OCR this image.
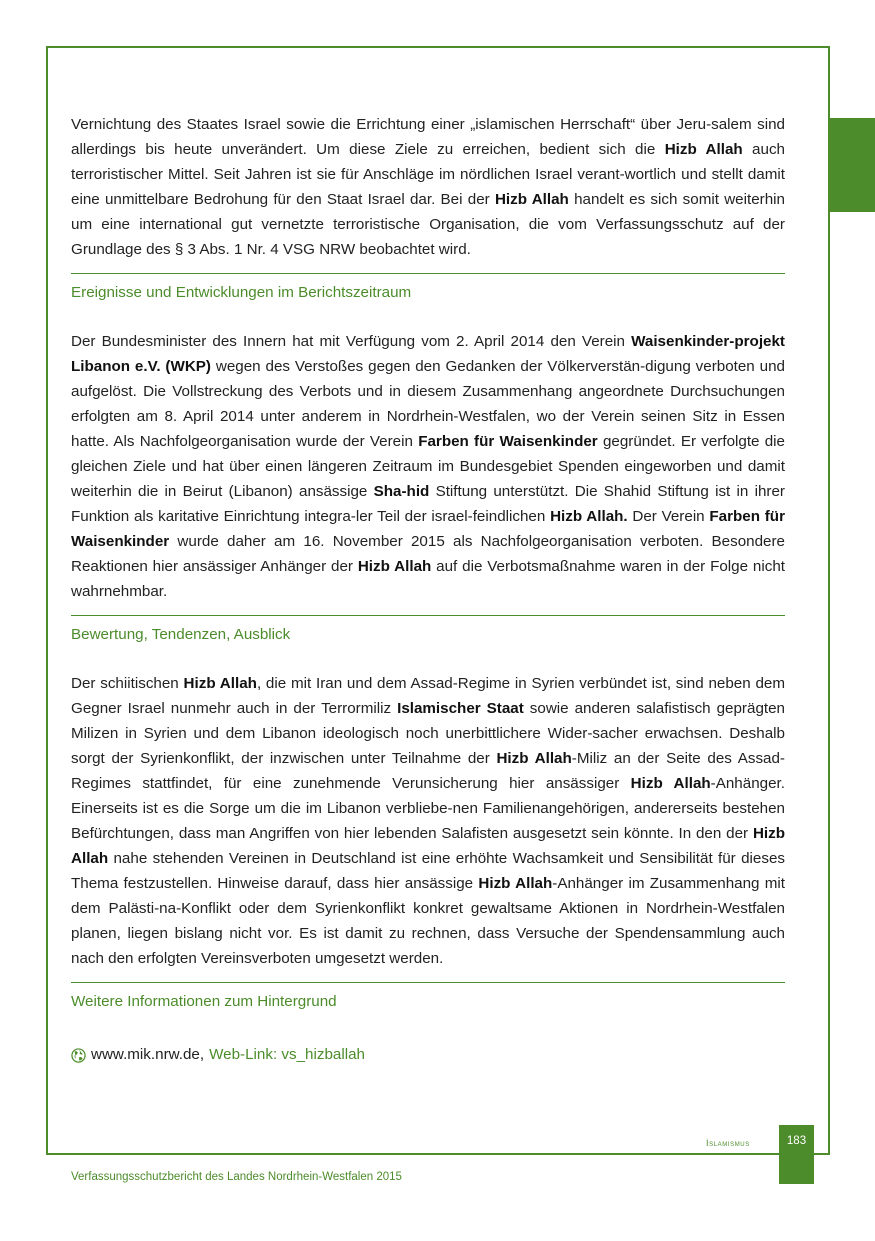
Vernichtung des Staates Israel sowie die Errichtung einer „islamischen Herrschaft“ über Jeru-salem sind allerdings bis heute unverändert. Um diese Ziele zu erreichen, bedient sich die Hizb Allah auch terroristischer Mittel. Seit Jahren ist sie für Anschläge im nördlichen Israel verant-wortlich und stellt damit eine unmittelbare Bedrohung für den Staat Israel dar. Bei der Hizb Allah handelt es sich somit weiterhin um eine international gut vernetzte terroristische Organisation, die vom Verfassungsschutz auf der Grundlage des § 3 Abs. 1 Nr. 4 VSG NRW beobachtet wird.

Ereignisse und Entwicklungen im Berichtszeitraum

Der Bundesminister des Innern hat mit Verfügung vom 2. April 2014 den Verein Waisenkinder-projekt Libanon e.V. (WKP) wegen des Verstoßes gegen den Gedanken der Völkerverstän-digung verboten und aufgelöst. Die Vollstreckung des Verbots und in diesem Zusammenhang angeordnete Durchsuchungen erfolgten am 8. April 2014 unter anderem in Nordrhein-Westfalen, wo der Verein seinen Sitz in Essen hatte. Als Nachfolgeorganisation wurde der Verein Farben für Waisenkinder gegründet. Er verfolgte die gleichen Ziele und hat über einen längeren Zeitraum im Bundesgebiet Spenden eingeworben und damit weiterhin die in Beirut (Libanon) ansässige Sha-hid Stiftung unterstützt. Die Shahid Stiftung ist in ihrer Funktion als karitative Einrichtung integra-ler Teil der israel-feindlichen Hizb Allah. Der Verein Farben für Waisenkinder wurde daher am 16. November 2015 als Nachfolgeorganisation verboten. Besondere Reaktionen hier ansässiger Anhänger der Hizb Allah auf die Verbotsmaßnahme waren in der Folge nicht wahrnehmbar.

Bewertung, Tendenzen, Ausblick

Der schiitischen Hizb Allah, die mit Iran und dem Assad-Regime in Syrien verbündet ist, sind neben dem Gegner Israel nunmehr auch in der Terrormiliz Islamischer Staat sowie anderen salafistisch geprägten Milizen in Syrien und dem Libanon ideologisch noch unerbittlichere Wider-sacher erwachsen. Deshalb sorgt der Syrienkonflikt, der inzwischen unter Teilnahme der Hizb Allah-Miliz an der Seite des Assad-Regimes stattfindet, für eine zunehmende Verunsicherung hier ansässiger Hizb Allah-Anhänger. Einerseits ist es die Sorge um die im Libanon verbliebe-nen Familienangehörigen, andererseits bestehen Befürchtungen, dass man Angriffen von hier lebenden Salafisten ausgesetzt sein könnte. In den der Hizb Allah nahe stehenden Vereinen in Deutschland ist eine erhöhte Wachsamkeit und Sensibilität für dieses Thema festzustellen. Hinweise darauf, dass hier ansässige Hizb Allah-Anhänger im Zusammenhang mit dem Palästi-na-Konflikt oder dem Syrienkonflikt konkret gewaltsame Aktionen in Nordrhein-Westfalen planen, liegen bislang nicht vor. Es ist damit zu rechnen, dass Versuche der Spendensammlung auch nach den erfolgten Vereinsverboten umgesetzt werden.

Weitere Informationen zum Hintergrund
www.mik.nrw.de, Web-Link: vs_hizballah
Islamismus	183
Verfassungsschutzbericht des Landes Nordrhein-Westfalen 2015
